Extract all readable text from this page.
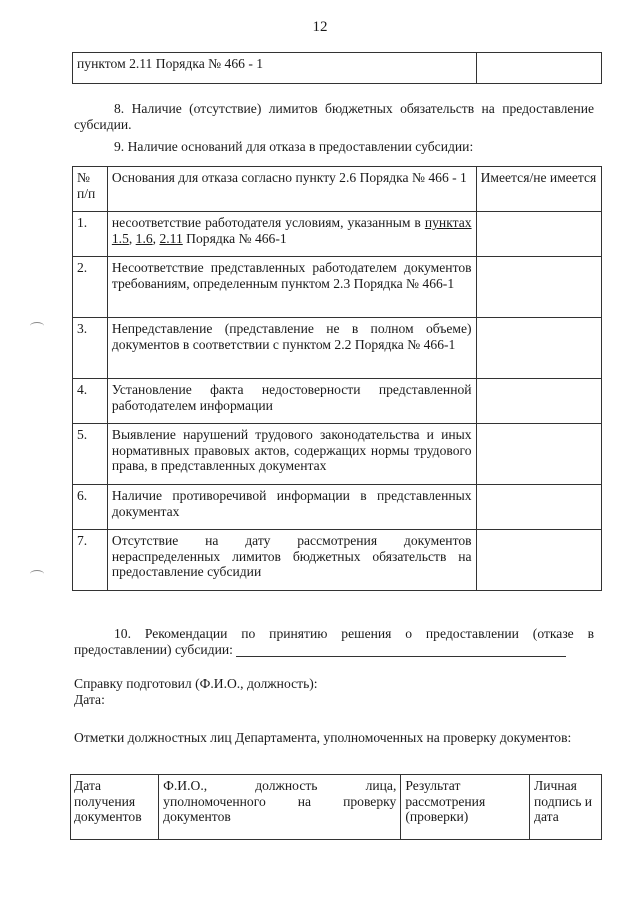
12
пунктом 2.11 Порядка № 466 - 1	
8. Наличие (отсутствие) лимитов бюджетных обязательств на предоставление субсидии.
9. Наличие оснований для отказа в предоставлении субсидии:
№ п/п	Основания для отказа согласно пункту 2.6 Порядка № 466 - 1	Имеется/не имеется
1.	несоответствие работодателя условиям, указанным в пунктах 1.5, 1.6, 2.11 Порядка № 466-1	
2.	Несоответствие представленных работодателем документов требованиям, определенным пунктом 2.3 Порядка № 466-1	
3.	Непредставление (представление не в полном объеме) документов в соответствии с пунктом 2.2 Порядка № 466-1	
4.	Установление факта недостоверности представленной работодателем информации	
5.	Выявление нарушений трудового законодательства и иных нормативных правовых актов, содержащих нормы трудового права, в представленных документах	
6.	Наличие противоречивой информации в представленных документах	
7.	Отсутствие на дату рассмотрения документов нераспределенных лимитов бюджетных обязательств на предоставление субсидии	
10. Рекомендации по принятию решения о предоставлении (отказе в предоставлении) субсидии:
Справку подготовил (Ф.И.О., должность):
Дата:
Отметки должностных лиц Департамента, уполномоченных на проверку документов:
Дата получения документов	Ф.И.О., должность лица, уполномоченного на проверку документов	Результат рассмотрения (проверки)	Личная подпись и дата
